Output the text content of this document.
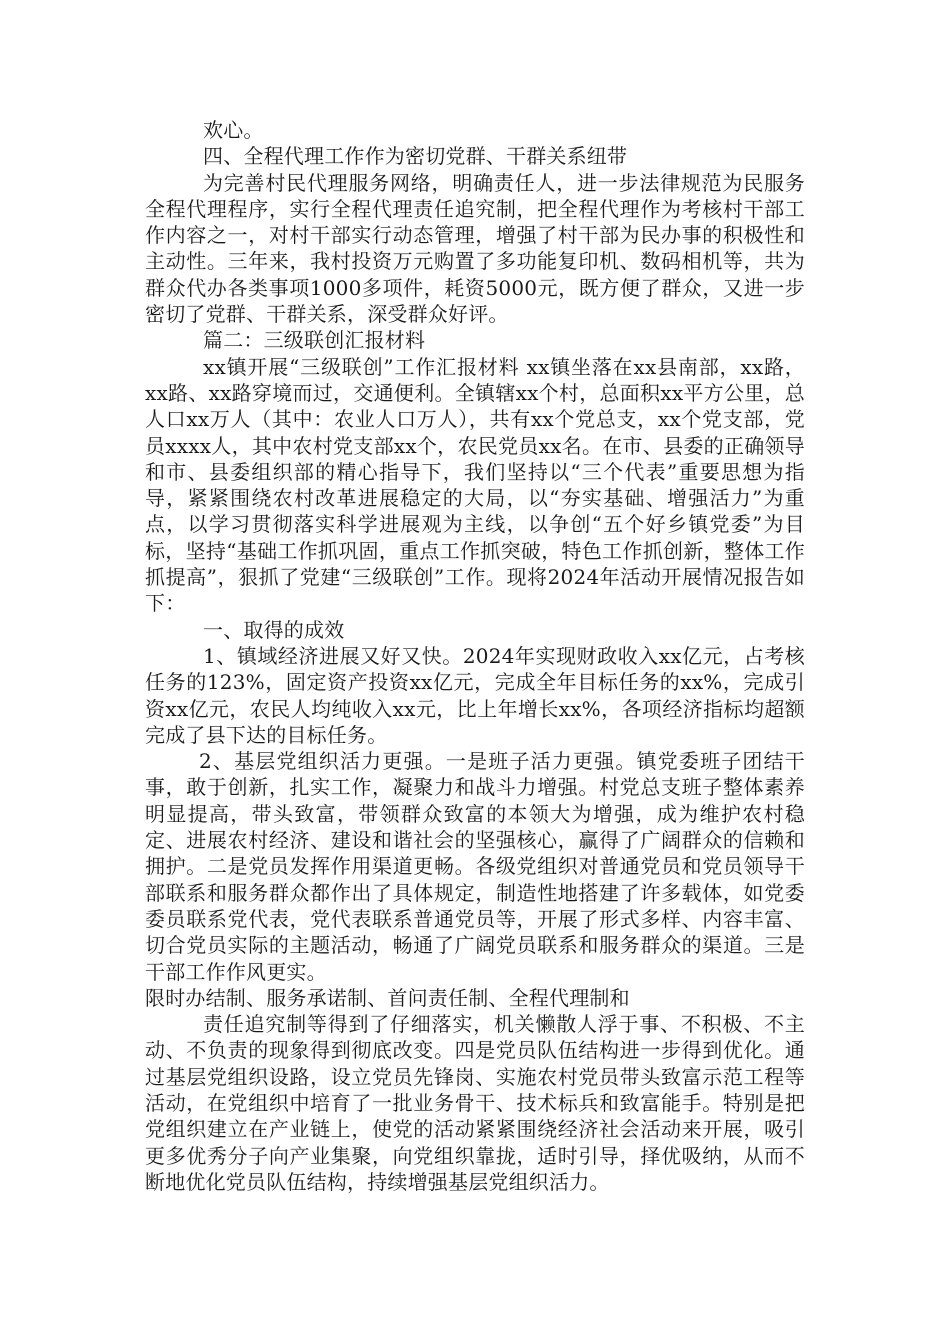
欢心。

四、全程代理工作作为密切党群、干群关系纽带

为完善村民代理服务网络，明确责任人，进一步法律规范为民服务全程代理程序，实行全程代理责任追究制，把全程代理作为考核村干部工作内容之一，对村干部实行动态管理，增强了村干部为民办事的积极性和主动性。三年来，我村投资万元购置了多功能复印机、数码相机等，共为群众代办各类事项1000多项件，耗资5000元，既方便了群众，又进一步密切了党群、干群关系，深受群众好评。

篇二：三级联创汇报材料

xx镇开展“三级联创”工作汇报材料 xx镇坐落在xx县南部，xx路，xx路、xx路穿境而过，交通便利。全镇辖xx个村，总面积xx平方公里，总人口xx万人（其中：农业人口万人），共有xx个党总支，xx个党支部，党员xxxx人，其中农村党支部xx个，农民党员xx名。在市、县委的正确领导和市、县委组织部的精心指导下，我们坚持以“三个代表”重要思想为指导，紧紧围绕农村改革进展稳定的大局，以“夯实基础、增强活力”为重点，以学习贯彻落实科学进展观为主线，以争创“五个好乡镇党委”为目标，坚持“基础工作抓巩固，重点工作抓突破，特色工作抓创新，整体工作抓提高”，狠抓了党建“三级联创”工作。现将2024年活动开展情况报告如下：

一、取得的成效

1、镇域经济进展又好又快。2024年实现财政收入xx亿元，占考核任务的123%，固定资产投资xx亿元，完成全年目标任务的xx%，完成引资xx亿元，农民人均纯收入xx元，比上年增长xx%，各项经济指标均超额完成了县下达的目标任务。

2、基层党组织活力更强。一是班子活力更强。镇党委班子团结干事，敢于创新，扎实工作，凝聚力和战斗力增强。村党总支班子整体素养明显提高，带头致富，带领群众致富的本领大为增强，成为维护农村稳定、进展农村经济、建设和谐社会的坚强核心，赢得了广阔群众的信赖和拥护。二是党员发挥作用渠道更畅。各级党组织对普通党员和党员领导干部联系和服务群众都作出了具体规定，制造性地搭建了许多载体，如党委委员联系党代表，党代表联系普通党员等，开展了形式多样、内容丰富、切合党员实际的主题活动，畅通了广阔党员联系和服务群众的渠道。三是干部工作作风更实。

限时办结制、服务承诺制、首问责任制、全程代理制和

责任追究制等得到了仔细落实，机关懒散人浮于事、不积极、不主动、不负责的现象得到彻底改变。四是党员队伍结构进一步得到优化。通过基层党组织设路，设立党员先锋岗、实施农村党员带头致富示范工程等活动，在党组织中培育了一批业务骨干、技术标兵和致富能手。特别是把党组织建立在产业链上，使党的活动紧紧围绕经济社会活动来开展，吸引更多优秀分子向产业集聚，向党组织靠拢，适时引导，择优吸纳，从而不断地优化党员队伍结构，持续增强基层党组织活力。
